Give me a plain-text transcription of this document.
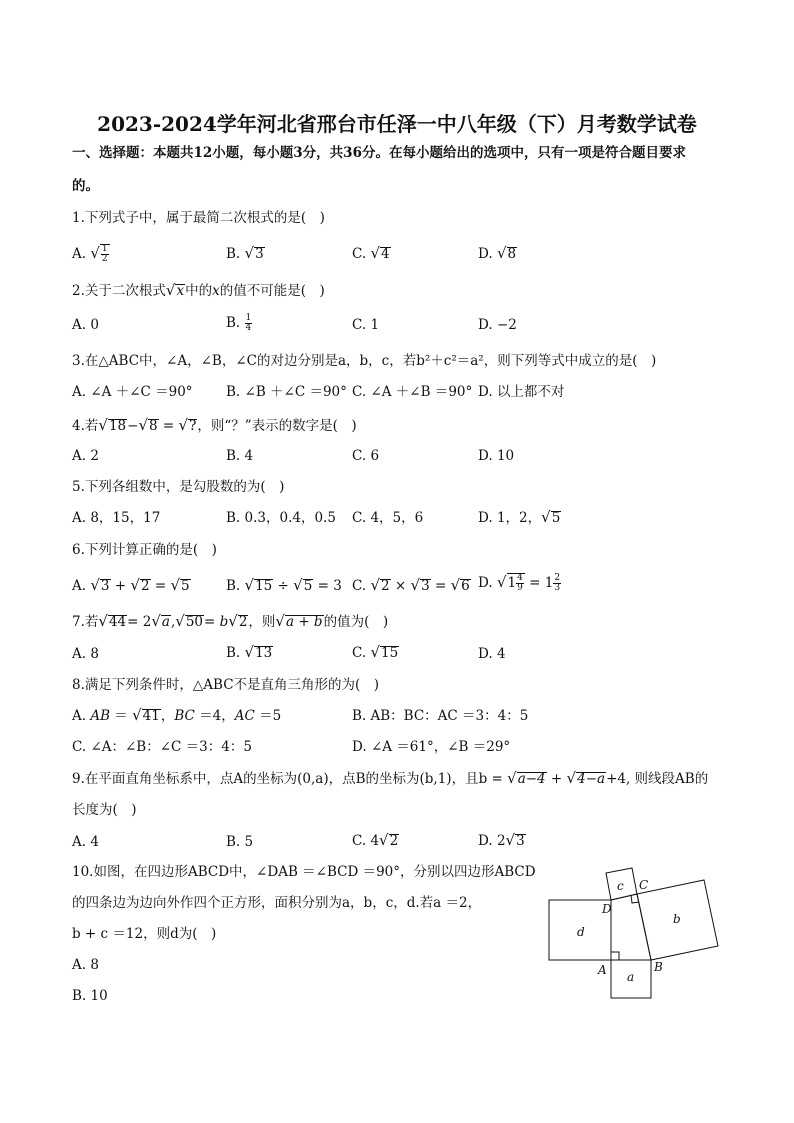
2023-2024学年河北省邢台市任泽一中八年级（下）月考数学试卷
一、选择题：本题共12小题，每小题3分，共36分。在每小题给出的选项中，只有一项是符合题目要求
的。
1.下列式子中，属于最简二次根式的是(　)
A. √ $\frac{1}{2}$	B. √3	C. √4	D. √8
2.关于二次根式√x中的x的值不可能是(　)
A. 0	B. $\frac{1}{4}$	C. 1	D. −2
3.在△ABC中，∠A，∠B，∠C的对边分别是a，b，c，若b²＋c²＝a²，则下列等式中成立的是(　)
A. ∠A ＋∠C ＝90° B. ∠B ＋∠C ＝90° C. ∠A ＋∠B ＝90° D. 以上都不对
4.若√18−√8 = √?，则“？”表示的数字是(　)
A. 2	B. 4	C. 6	D. 10
5.下列各组数中，是勾股数的为(　)
A. 8，15，17	B. 0.3，0.4，0.5 C. 4，5，6	D. 1，2，√5
6.下列计算正确的是(　)
A. √3 + √2 = √5	B. √15 ÷ √5 = 3 C. √2 × √3 = √6 D. $√1 \frac{4}{9} = 1 \frac{2}{3}$
7.若√44= 2√a,√50= b√2，则√a + b的值为(　)
A. 8	B. √13	C. √15	D. 4
8.满足下列条件时，△ABC不是直角三角形的为(　)
A. AB ＝ √41，BC ＝4，AC ＝5	B. AB：BC：AC ＝3：4：5
C. ∠A：∠B：∠C ＝3：4：5	D. ∠A ＝61°，∠B ＝29°
9.在平面直角坐标系中，点A的坐标为(0,a)，点B的坐标为(b,1)，且b = √a−4 + √4−a+4, 则线段AB的
长度为(　)
A. 4	B. 5	C. 4√2	D. 2√3
10.如图，在四边形ABCD中，∠DAB ＝∠BCD ＝90°，分别以四边形ABCD
的四条边为边向外作四个正方形，面积分别为a，b，c，d.若a ＝2，
b + c ＝12，则d为(　)
A. 8
B. 10
D
C
A	B
d
a
c
b
